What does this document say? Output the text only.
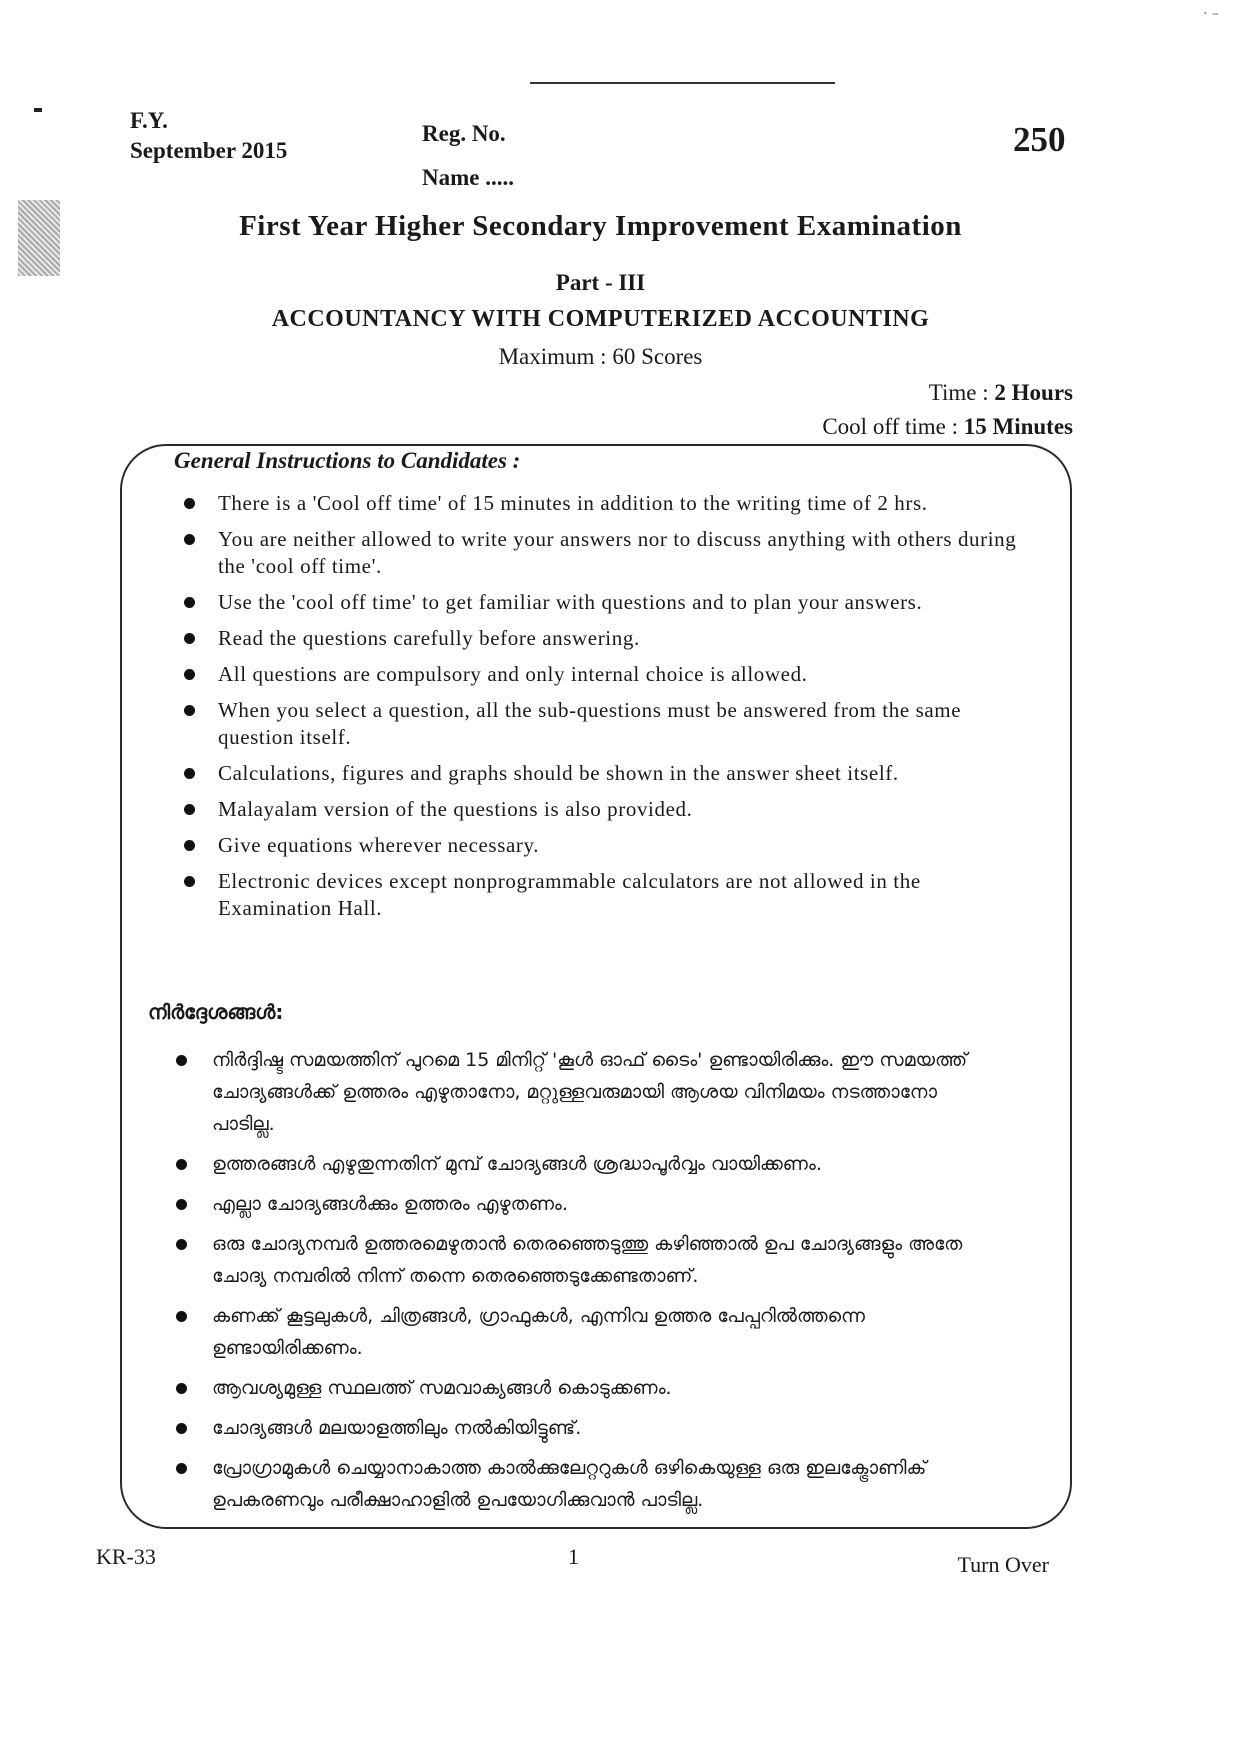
· –
F.Y.
September 2015
Reg. No.
Name .....
250
First Year Higher Secondary Improvement Examination
Part - III
ACCOUNTANCY WITH COMPUTERIZED ACCOUNTING
Maximum : 60 Scores
Time : 2 Hours
Cool off time : 15 Minutes
General Instructions to Candidates :
There is a 'Cool off time' of 15 minutes in addition to the writing time of 2 hrs.
You are neither allowed to write your answers nor to discuss anything with others during the 'cool off time'.
Use the 'cool off time' to get familiar with questions and to plan your answers.
Read the questions carefully before answering.
All questions are compulsory and only internal choice is allowed.
When you select a question, all the sub-questions must be answered from the same question itself.
Calculations, figures and graphs should be shown in the answer sheet itself.
Malayalam version of the questions is also provided.
Give equations wherever necessary.
Electronic devices except nonprogrammable calculators are not allowed in the Examination Hall.
നിർദ്ദേശങ്ങൾ:
നിർദ്ദിഷ്ട സമയത്തിന് പുറമെ 15 മിനിറ്റ് 'കൂൾ ഓഫ് ടൈം' ഉണ്ടായിരിക്കും. ഈ സമയത്ത് ചോദ്യങ്ങൾക്ക് ഉത്തരം എഴുതാനോ, മറ്റുള്ളവരുമായി ആശയ വിനിമയം നടത്താനോ പാടില്ല.
ഉത്തരങ്ങൾ എഴുതുന്നതിന് മുമ്പ് ചോദ്യങ്ങൾ ശ്രദ്ധാപൂർവ്വം വായിക്കണം.
എല്ലാ ചോദ്യങ്ങൾക്കും ഉത്തരം എഴുതണം.
ഒരു ചോദ്യനമ്പർ ഉത്തരമെഴുതാൻ തെരഞ്ഞെടുത്തു കഴിഞ്ഞാൽ ഉപ ചോദ്യങ്ങളും അതേ ചോദ്യ നമ്പരിൽ നിന്ന് തന്നെ തെരഞ്ഞെടുക്കേണ്ടതാണ്.
കണക്ക് കൂട്ടലുകൾ, ചിത്രങ്ങൾ, ഗ്രാഫുകൾ, എന്നിവ ഉത്തര പേപ്പറിൽത്തന്നെ ഉണ്ടായിരിക്കണം.
ആവശ്യമുള്ള സ്ഥലത്ത് സമവാക്യങ്ങൾ കൊടുക്കണം.
ചോദ്യങ്ങൾ മലയാളത്തിലും നൽകിയിട്ടുണ്ട്.
പ്രോഗ്രാമുകൾ ചെയ്യാനാകാത്ത കാൽക്കുലേറ്ററുകൾ ഒഴികെയുള്ള ഒരു ഇലക്ട്രോണിക് ഉപകരണവും പരീക്ഷാഹാളിൽ ഉപയോഗിക്കുവാൻ പാടില്ല.
KR-33	1	Turn Over
